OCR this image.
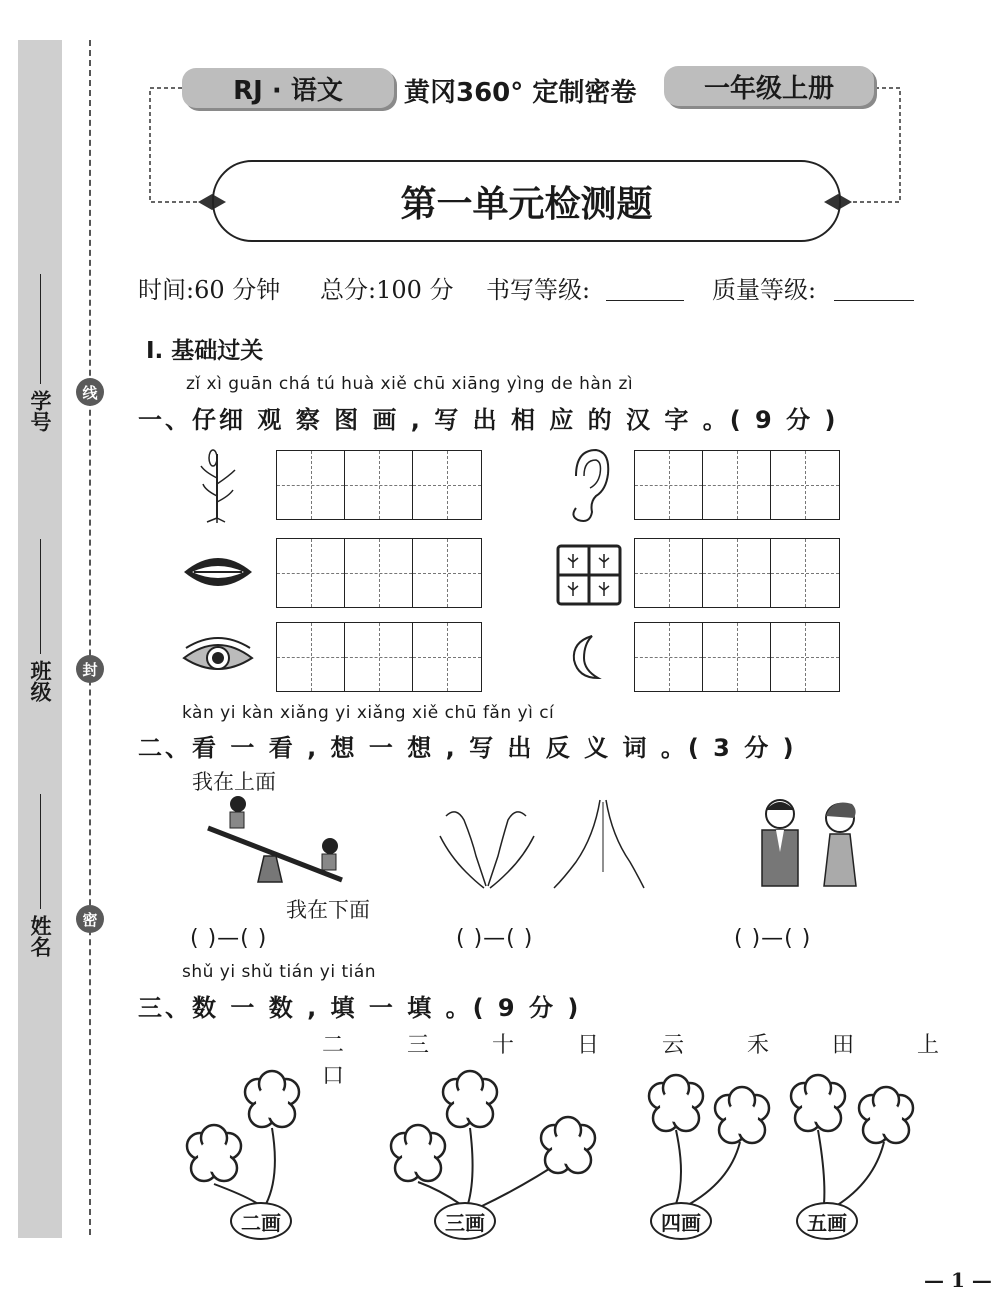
学号
班级
姓名
线
封
密
RJ · 语文 黄冈360° 定制密卷	一年级上册
第一单元检测题
时间:60 分钟 总分:100 分 书写等级:	质量等级:
Ⅰ. 基础过关
zǐ xì guān chá tú huà xiě chū xiāng yìng de hàn zì
一、仔细 观 察 图 画 , 写 出 相 应 的 汉 字 。( 9 分 )
kàn yi kàn xiǎng yi xiǎng xiě chū fǎn yì cí
二、看 一 看 , 想 一 想 , 写 出 反 义 词 。( 3 分 )
我在上面
我在下面
( )—( )	( )—( )	( )—( )
shǔ yi shǔ tián yi tián
三、数 一 数 , 填 一 填 。( 9 分 )
二 三 十 日 云 禾 田 上 口
二画	三画	四画	五画
— 1 —
